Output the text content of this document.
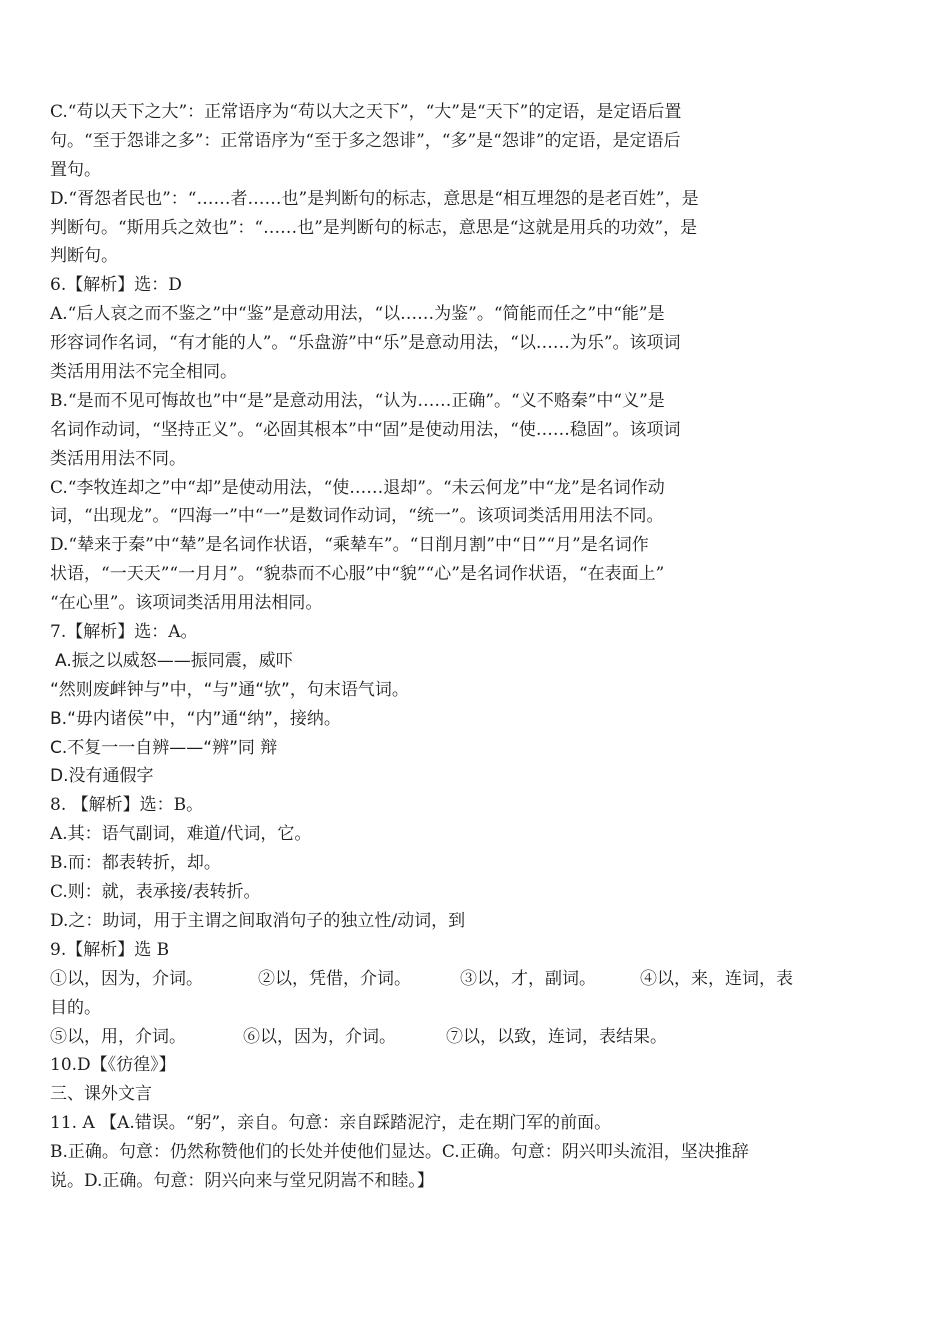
C.“苟以天下之大”：正常语序为“苟以大之天下”，“大”是“天下”的定语，是定语后置
句。“至于怨诽之多”：正常语序为“至于多之怨诽”，“多”是“怨诽”的定语，是定语后
置句。
D.“胥怨者民也”：“……者……也”是判断句的标志，意思是“相互埋怨的是老百姓”，是
判断句。“斯用兵之效也”：“……也”是判断句的标志，意思是“这就是用兵的功效”，是
判断句。
6.【解析】选：D
A.“后人哀之而不鉴之”中“鉴”是意动用法，“以……为鉴”。“简能而任之”中“能”是
形容词作名词，“有才能的人”。“乐盘游”中“乐”是意动用法，“以……为乐”。该项词
类活用用法不完全相同。
B.“是而不见可悔故也”中“是”是意动用法，“认为……正确”。“义不赂秦”中“义”是
名词作动词，“坚持正义”。“必固其根本”中“固”是使动用法，“使……稳固”。该项词
类活用用法不同。
C.“李牧连却之”中“却”是使动用法，“使……退却”。“未云何龙”中“龙”是名词作动
词，“出现龙”。“四海一”中“一”是数词作动词，“统一”。该项词类活用用法不同。
D.“辇来于秦”中“辇”是名词作状语，“乘辇车”。“日削月割”中“日”“月”是名词作
状语，“一天天”“一月月”。“貌恭而不心服”中“貌”“心”是名词作状语，“在表面上”
“在心里”。该项词类活用用法相同。
7.【解析】选：A。
A.振之以威怒——振同震，威吓
“然则废衅钟与”中，“与”通“欤”，句末语气词。
B.“毋内诸侯”中，“内”通“纳”，接纳。
C.不复一一自辨——“辨”同 辩
D.没有通假字
8. 【解析】选：B。
A.其：语气副词，难道/代词，它。
B.而：都表转折，却。
C.则：就，表承接/表转折。
D.之：助词，用于主谓之间取消句子的独立性/动词，到
9.【解析】选 B
①以，因为，介词。	②以，凭借，介词。	③以，才，副词。	④以，来，连词，表
目的。
⑤以，用，介词。	⑥以，因为，介词。	⑦以，以致，连词，表结果。
10.D【《彷徨》】
三、课外文言
11. A 【A.错误。“躬”，亲自。句意：亲自踩踏泥泞，走在期门军的前面。
B.正确。句意：仍然称赞他们的长处并使他们显达。C.正确。句意：阴兴叩头流泪，坚决推辞
说。D.正确。句意：阴兴向来与堂兄阴嵩不和睦。】
